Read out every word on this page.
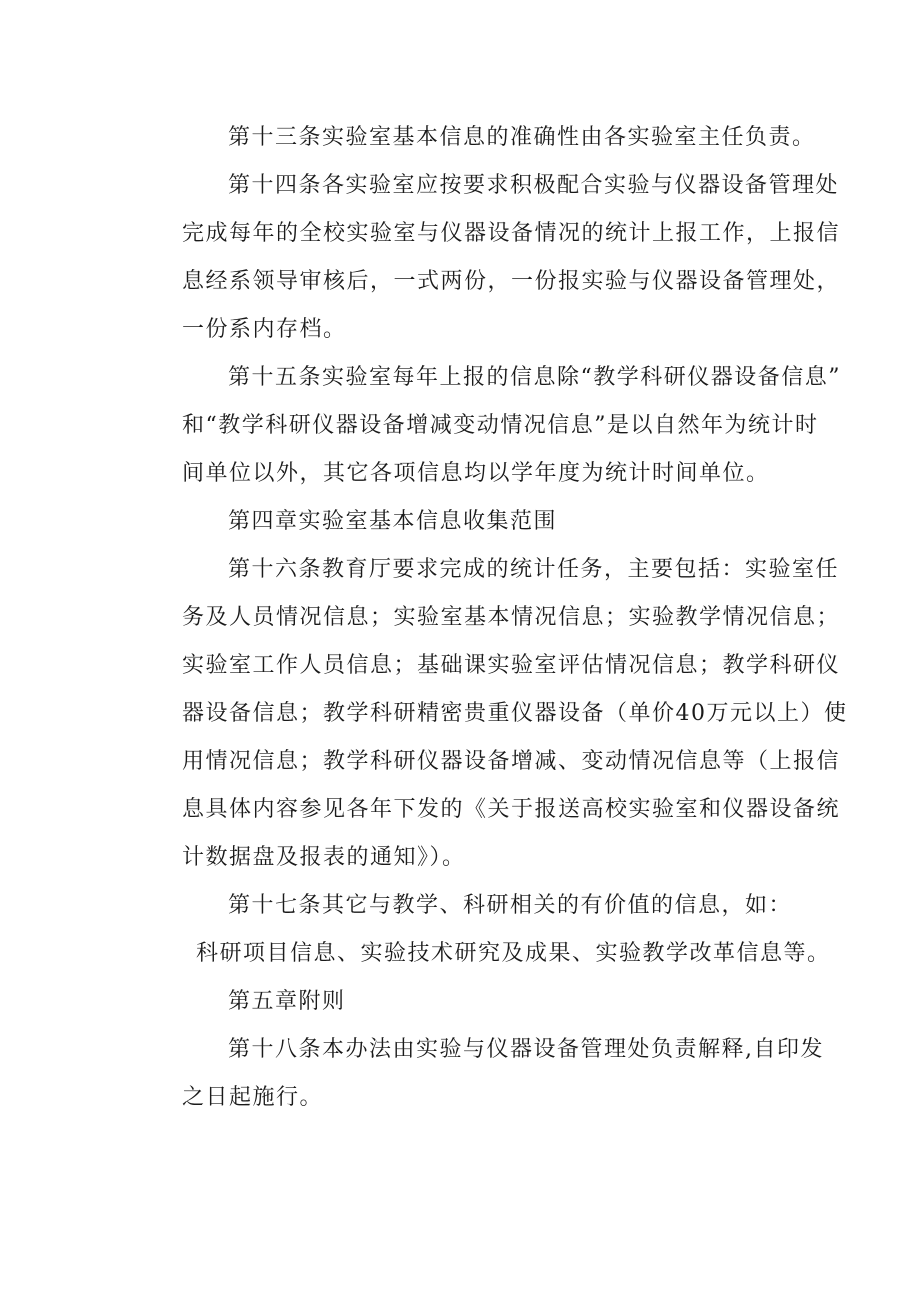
第十三条实验室基本信息的准确性由各实验室主任负责。

第十四条各实验室应按要求积极配合实验与仪器设备管理处
完成每年的全校实验室与仪器设备情况的统计上报工作，上报信
息经系领导审核后，一式两份，一份报实验与仪器设备管理处，
一份系内存档。

第十五条实验室每年上报的信息除“教学科研仪器设备信息”
和“教学科研仪器设备增减变动情况信息”是以自然年为统计时
间单位以外，其它各项信息均以学年度为统计时间单位。

第四章实验室基本信息收集范围

第十六条教育厅要求完成的统计任务，主要包括：实验室任
务及人员情况信息；实验室基本情况信息；实验教学情况信息；
实验室工作人员信息；基础课实验室评估情况信息；教学科研仪
器设备信息；教学科研精密贵重仪器设备（单价40万元以上）使
用情况信息；教学科研仪器设备增减、变动情况信息等（上报信
息具体内容参见各年下发的《关于报送高校实验室和仪器设备统
计数据盘及报表的通知》）。

第十七条其它与教学、科研相关的有价值的信息，如：
科研项目信息、实验技术研究及成果、实验教学改革信息等。

第五章附则

第十八条本办法由实验与仪器设备管理处负责解释,自印发
之日起施行。
